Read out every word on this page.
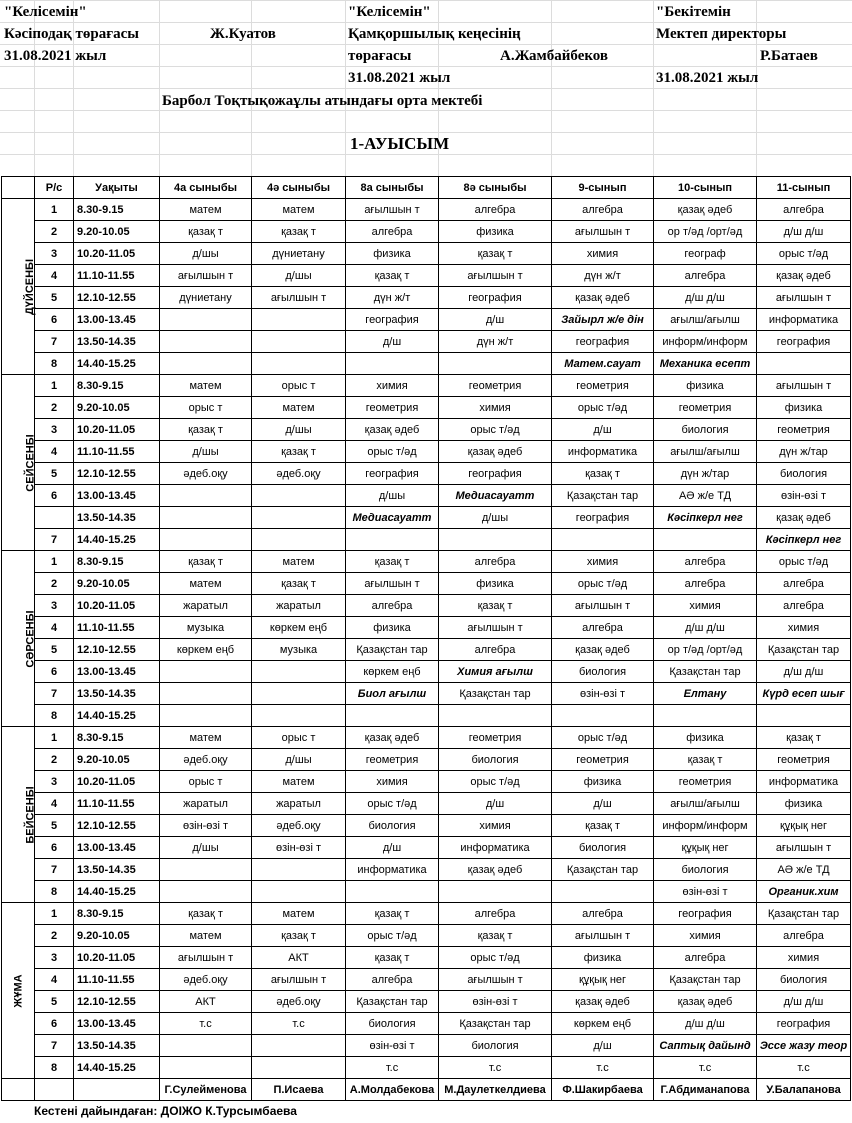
"Келісемін"
Кәсіподақ төрағасы	Ж.Куатов
31.08.2021 жыл
"Келісемін"
Қамқоршылық кеңесінің
төрағасы	А.Жамбайбеков
31.08.2021 жыл
"Бекітемін
Мектеп директоры
Р.Батаев
31.08.2021 жыл
Барбол Тоқтықожаұлы атындағы орта мектебі
1-АУЫСЫМ
	Р/с	Уақыты	4а сыныбы	4ә сыныбы	8а сыныбы	8ә сыныбы	9-сынып	10-сынып	11-сынып
ДҮЙСЕНБІ	1	8.30-9.15	матем	матем	ағылшын т	алгебра	алгебра	қазақ әдеб	алгебра
	2	9.20-10.05	қазақ т	қазақ т	алгебра	физика	ағылшын т	ор т/әд /орт/әд	д/ш д/ш
	3	10.20-11.05	д/шы	дүниетану	физика	қазақ т	химия	географ	орыс т/әд
	4	11.10-11.55	ағылшын т	д/шы	қазақ т	ағылшын т	дүн ж/т	алгебра	қазақ әдеб
	5	12.10-12.55	дүниетану	ағылшын т	дүн ж/т	география	қазақ әдеб	д/ш д/ш	ағылшын т
	6	13.00-13.45			география	д/ш	Зайырл ж/е дін	ағылш/ағылш	информатика
	7	13.50-14.35			д/ш	дүн ж/т	география	информ/информ	география
	8	14.40-15.25					Матем.сауат	Механика есепт	
СЕЙСЕНБІ	1	8.30-9.15	матем	орыс т	химия	геометрия	геометрия	физика	ағылшын т
	2	9.20-10.05	орыс т	матем	геометрия	химия	орыс т/әд	геометрия	физика
	3	10.20-11.05	қазақ т	д/шы	қазақ әдеб	орыс т/әд	д/ш	биология	геометрия
	4	11.10-11.55	д/шы	қазақ т	орыс т/әд	қазақ әдеб	информатика	ағылш/ағылш	дүн ж/тар
	5	12.10-12.55	әдеб.оқу	әдеб.оқу	география	география	қазақ т	дүн ж/тар	биология
	6	13.00-13.45			д/шы	Медиасауатт	Қазақстан тар	АӘ ж/е ТД	өзін-өзі т
		13.50-14.35			Медиасауатт	д/шы	география	Кәсіпкерл нег	қазақ әдеб
	7	14.40-15.25							Кәсіпкерл нег
СӘРСЕНБІ	1	8.30-9.15	қазақ т	матем	қазақ т	алгебра	химия	алгебра	орыс т/әд
	2	9.20-10.05	матем	қазақ т	ағылшын т	физика	орыс т/әд	алгебра	алгебра
	3	10.20-11.05	жаратыл	жаратыл	алгебра	қазақ т	ағылшын т	химия	алгебра
	4	11.10-11.55	музыка	көркем еңб	физика	ағылшын т	алгебра	д/ш д/ш	химия
	5	12.10-12.55	көркем еңб	музыка	Қазақстан тар	алгебра	қазақ әдеб	ор т/әд /орт/әд	Қазақстан тар
	6	13.00-13.45			көркем еңб	Химия ағылш	биология	Қазақстан тар	д/ш д/ш
	7	13.50-14.35			Биол ағылш	Қазақстан тар	өзін-өзі т	Елтану	Күрд есеп шығ
	8	14.40-15.25							
БЕЙСЕНБІ	1	8.30-9.15	матем	орыс т	қазақ әдеб	геометрия	орыс т/әд	физика	қазақ т
	2	9.20-10.05	әдеб.оқу	д/шы	геометрия	биология	геометрия	қазақ т	геометрия
	3	10.20-11.05	орыс т	матем	химия	орыс т/әд	физика	геометрия	информатика
	4	11.10-11.55	жаратыл	жаратыл	орыс т/әд	д/ш	д/ш	ағылш/ағылш	физика
	5	12.10-12.55	өзін-өзі т	әдеб.оқу	биология	химия	қазақ т	информ/информ	құқық нег
	6	13.00-13.45	д/шы	өзін-өзі т	д/ш	информатика	биология	құқық нег	ағылшын т
	7	13.50-14.35			информатика	қазақ әдеб	Қазақстан тар	биология	АӘ ж/е ТД
	8	14.40-15.25						өзін-өзі т	Органик.хим
ЖҰМА	1	8.30-9.15	қазақ т	матем	қазақ т	алгебра	алгебра	география	Қазақстан тар
	2	9.20-10.05	матем	қазақ т	орыс т/әд	қазақ т	ағылшын т	химия	алгебра
	3	10.20-11.05	ағылшын т	АКТ	қазақ т	орыс т/әд	физика	алгебра	химия
	4	11.10-11.55	әдеб.оқу	ағылшын т	алгебра	ағылшын т	құқық нег	Қазақстан тар	биология
	5	12.10-12.55	АКТ	әдеб.оқу	Қазақстан тар	өзін-өзі т	қазақ әдеб	қазақ әдеб	д/ш д/ш
	6	13.00-13.45	т.с	т.с	биология	Қазақстан тар	көркем еңб	д/ш д/ш	география
	7	13.50-14.35			өзін-өзі т	биология	д/ш	Саптық дайынд	Эссе жазу теор
	8	14.40-15.25			т.с	т.с	т.с	т.с	т.с
			Г.Сулейменова	П.Исаева	А.Молдабекова	М.Даулеткелдиева	Ф.Шакирбаева	Г.Абдиманапова	У.Балапанова
Кестені дайындаған: ДОІЖО К.Турсымбаева
